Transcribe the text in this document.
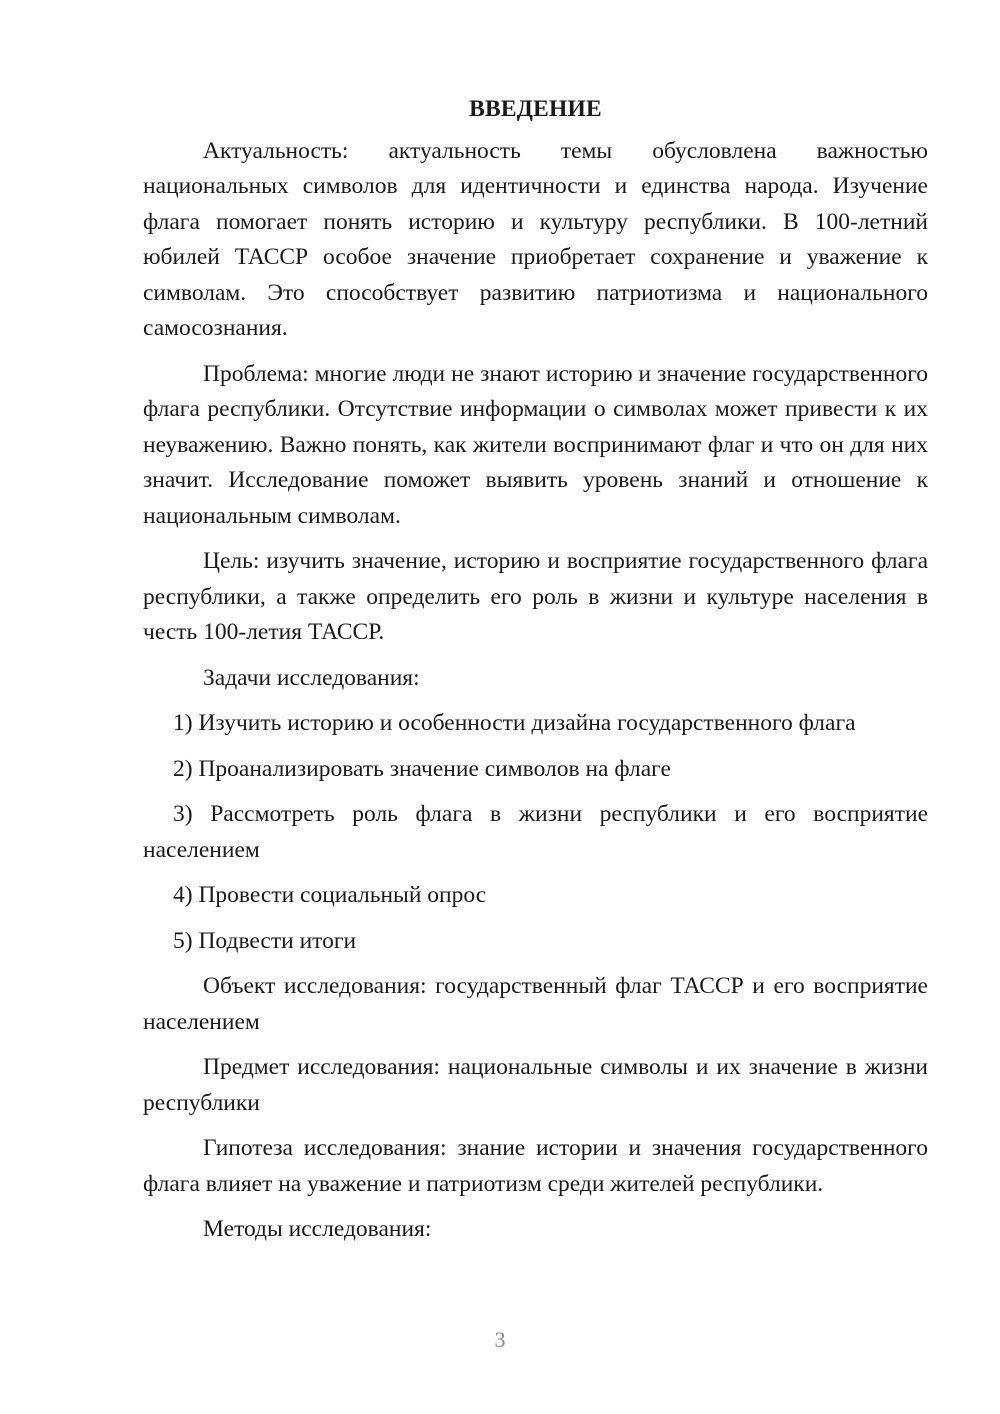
ВВЕДЕНИЕ

Актуальность: актуальность темы обусловлена важностью национальных символов для идентичности и единства народа. Изучение флага помогает понять историю и культуру республики. В 100-летний юбилей ТАССР особое значение приобретает сохранение и уважение к символам. Это способствует развитию патриотизма и национального самосознания.

Проблема: многие люди не знают историю и значение государственного флага республики. Отсутствие информации о символах может привести к их неуважению. Важно понять, как жители воспринимают флаг и что он для них значит. Исследование поможет выявить уровень знаний и отношение к национальным символам.

Цель: изучить значение, историю и восприятие государственного флага республики, а также определить его роль в жизни и культуре населения в честь 100-летия ТАССР.

Задачи исследования:

1) Изучить историю и особенности дизайна государственного флага

2) Проанализировать значение символов на флаге

3) Рассмотреть роль флага в жизни республики и его восприятие населением

4) Провести социальный опрос

5) Подвести итоги

Объект исследования: государственный флаг ТАССР и его восприятие населением

Предмет исследования: национальные символы и их значение в жизни республики

Гипотеза исследования: знание истории и значения государственного флага влияет на уважение и патриотизм среди жителей республики.

Методы исследования:

3
